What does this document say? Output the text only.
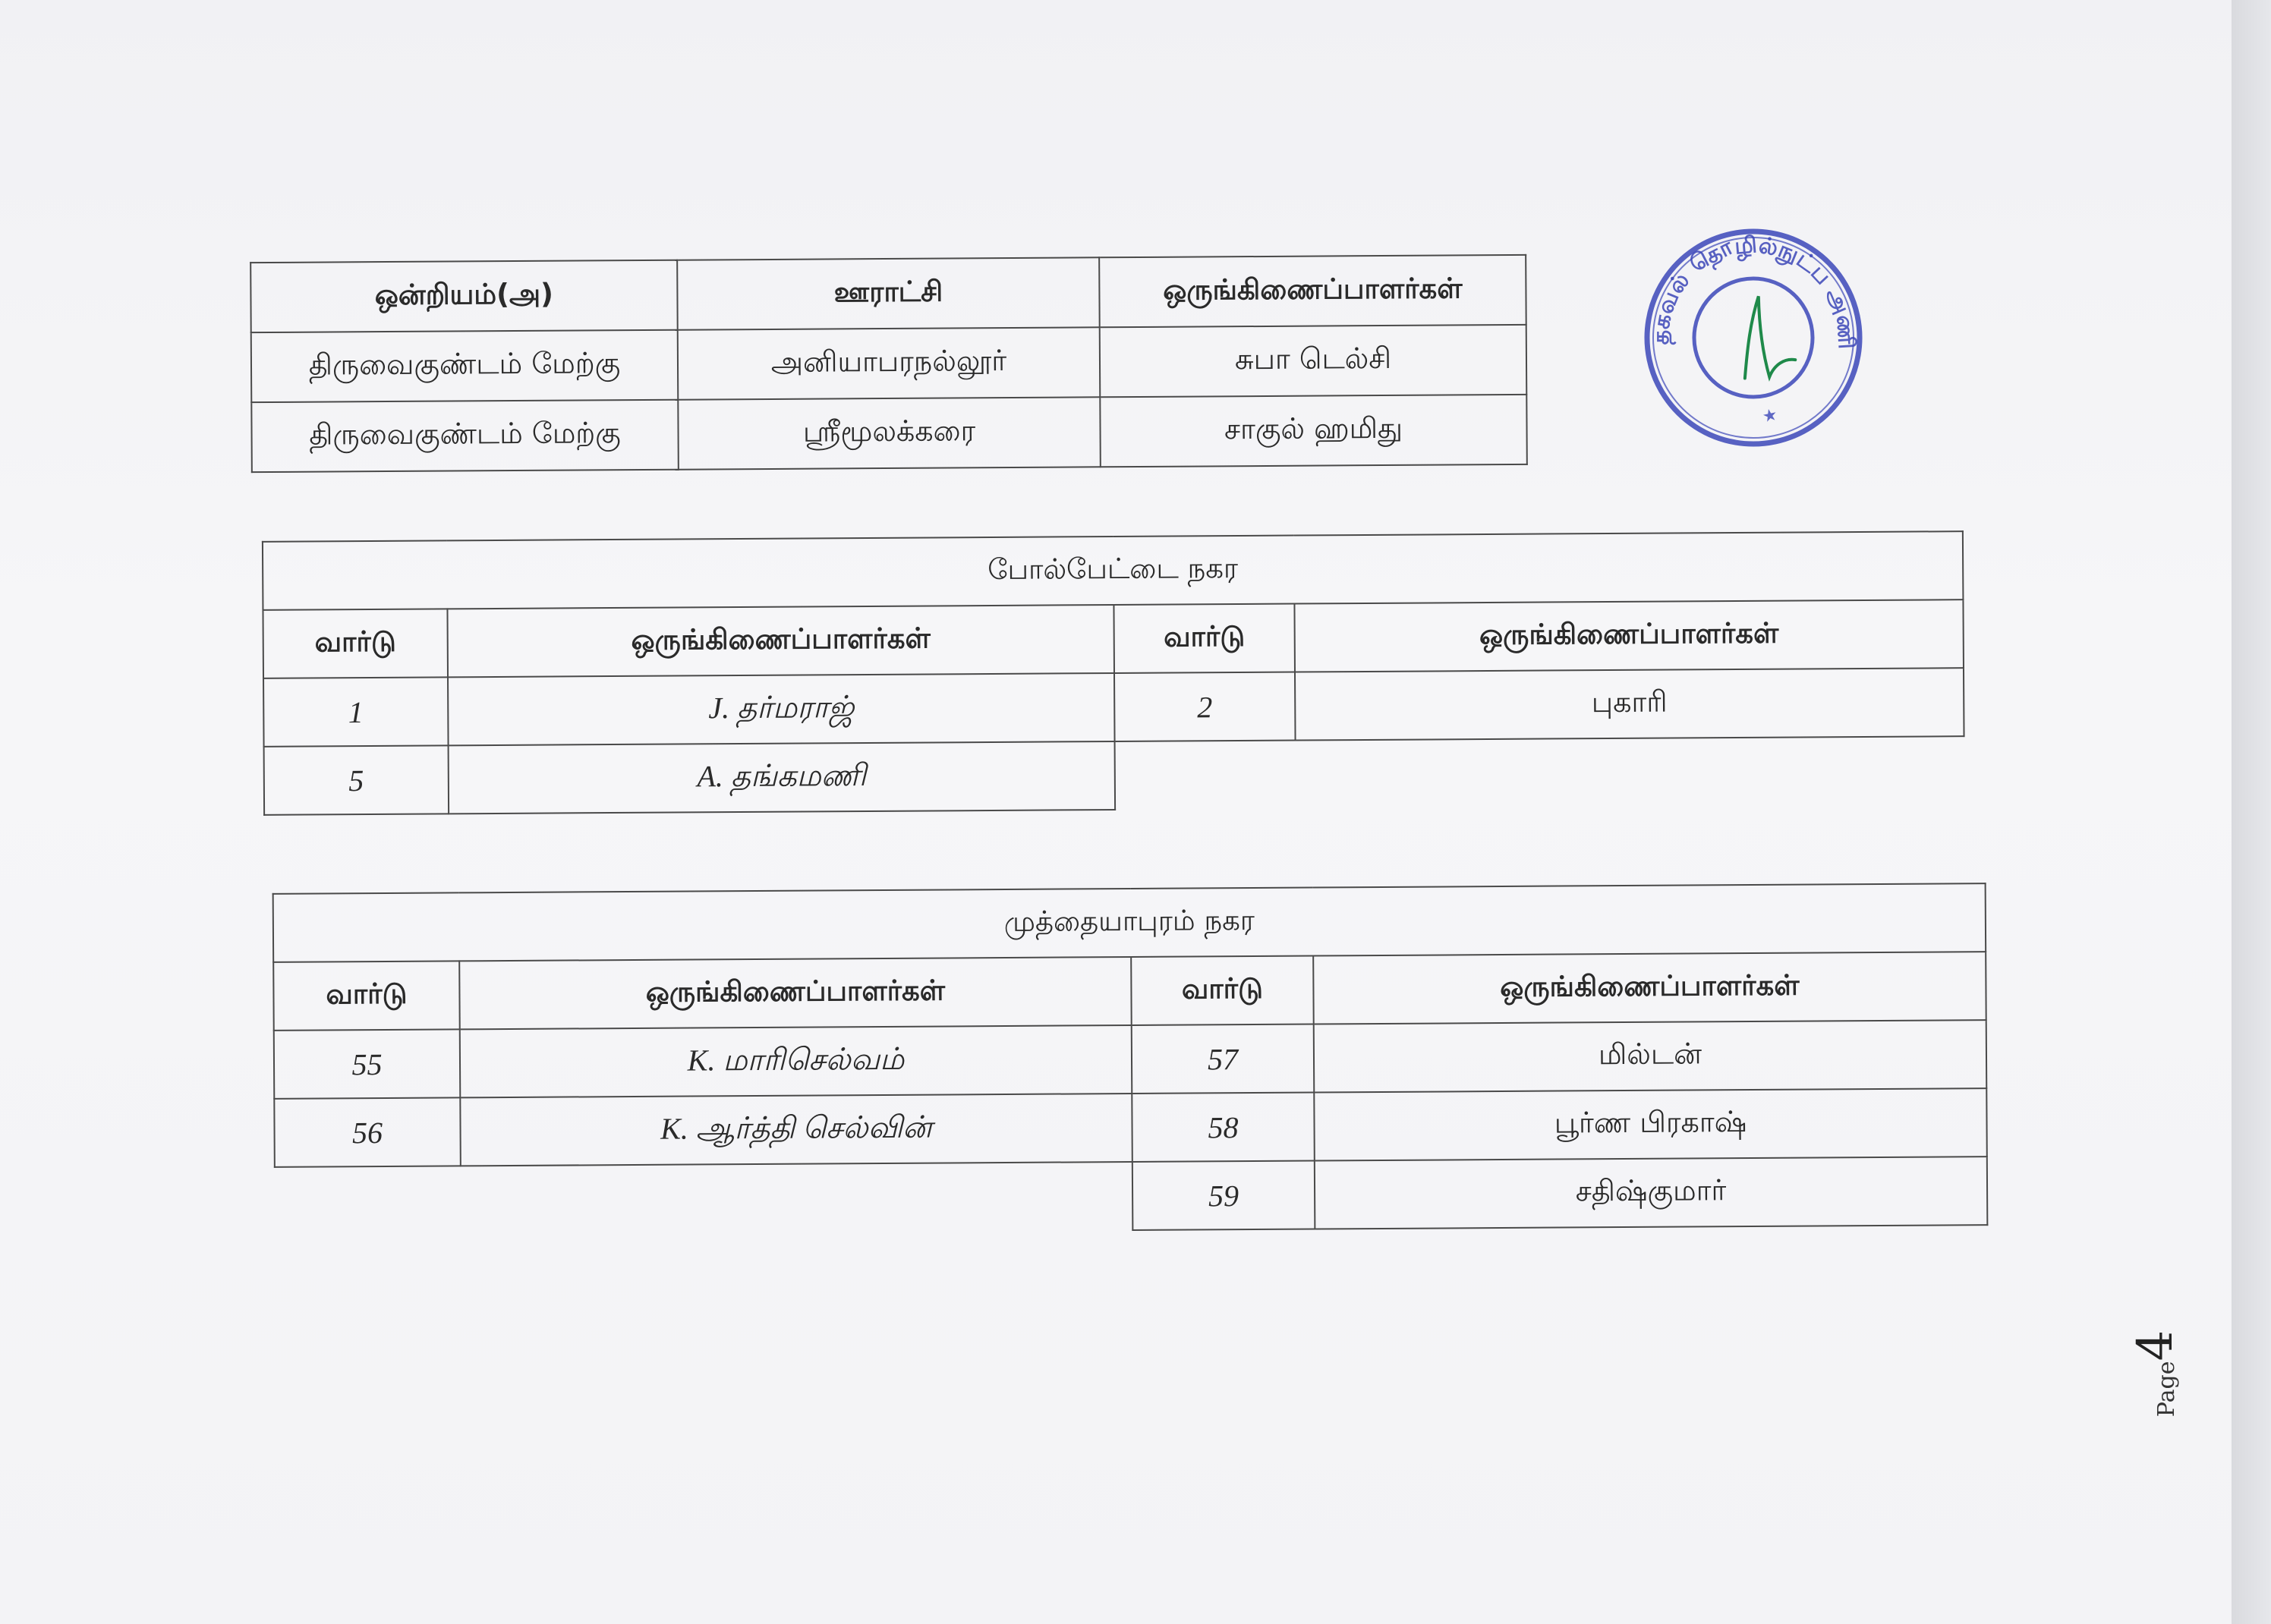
ஒன்றியம்(அ)	ஊராட்சி	ஒருங்கிணைப்பாளர்கள்
திருவைகுண்டம் மேற்கு	அனியாபரநல்லூர்	சுபா டெல்சி
திருவைகுண்டம் மேற்கு	ஸ்ரீமூலக்கரை	சாகுல் ஹமிது
தகவல் தொழில்நுட்ப அணி
★
போல்பேட்டை நகர			
வார்டு	ஒருங்கிணைப்பாளர்கள்	வார்டு	ஒருங்கிணைப்பாளர்கள்
1	J. தர்மராஜ்	2	புகாரி
5	A. தங்கமணி		
முத்தையாபுரம் நகர			
வார்டு	ஒருங்கிணைப்பாளர்கள்	வார்டு	ஒருங்கிணைப்பாளர்கள்
55	K. மாரிசெல்வம்	57	மில்டன்
56	K. ஆர்த்தி செல்வின்	58	பூர்ண பிரகாஷ்
		59	சதிஷ்குமார்
Page
4
